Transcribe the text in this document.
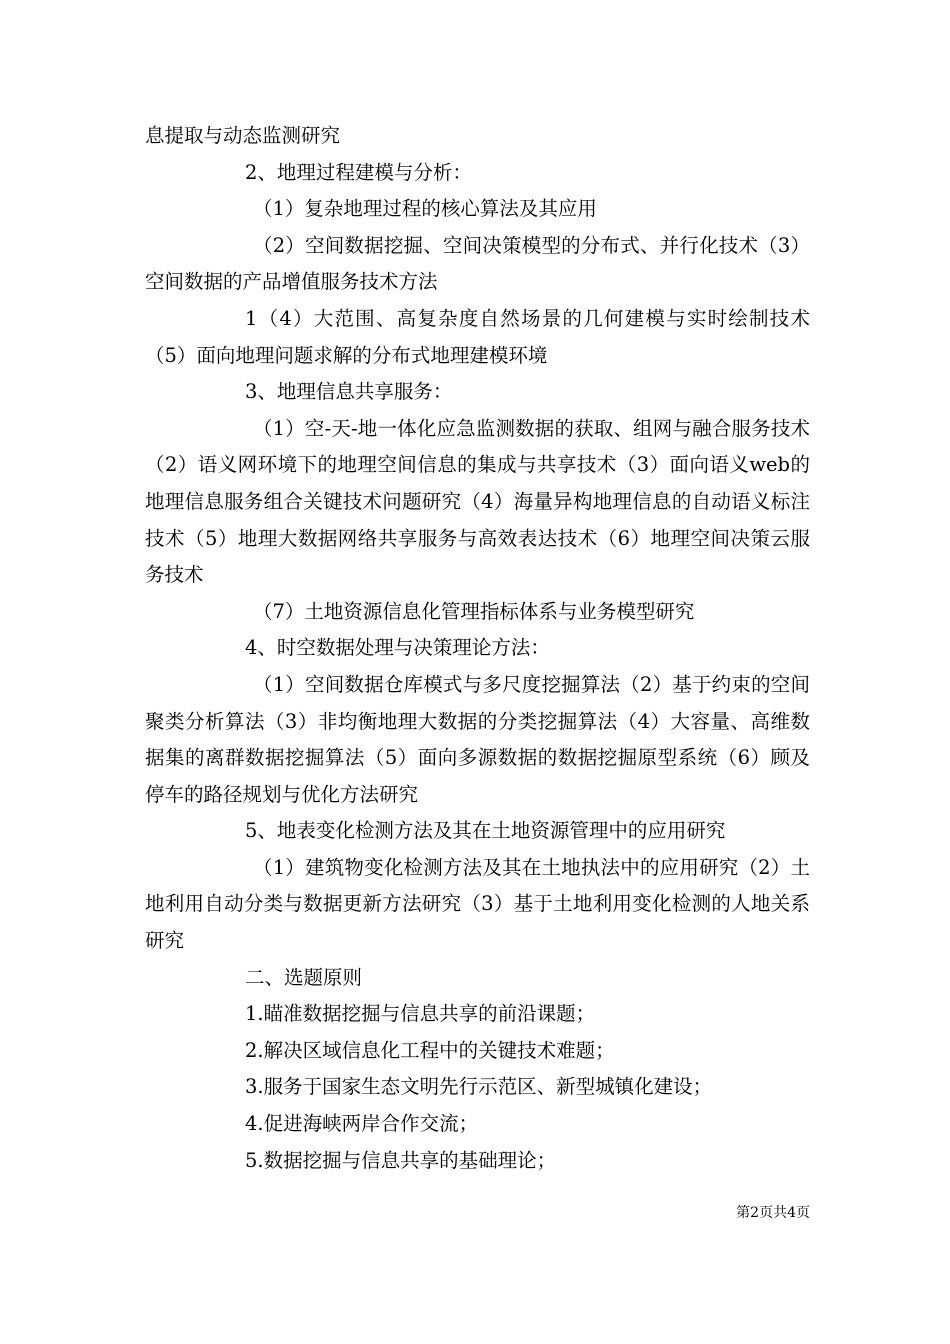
息提取与动态监测研究

2、地理过程建模与分析：

（1）复杂地理过程的核心算法及其应用

（2）空间数据挖掘、空间决策模型的分布式、并行化技术（3）空间数据的产品增值服务技术方法

1（4）大范围、高复杂度自然场景的几何建模与实时绘制技术（5）面向地理问题求解的分布式地理建模环境

3、地理信息共享服务：

（1）空-天-地一体化应急监测数据的获取、组网与融合服务技术（2）语义网环境下的地理空间信息的集成与共享技术（3）面向语义web的地理信息服务组合关键技术问题研究（4）海量异构地理信息的自动语义标注技术（5）地理大数据网络共享服务与高效表达技术（6）地理空间决策云服务技术

（7）土地资源信息化管理指标体系与业务模型研究

4、时空数据处理与决策理论方法：

（1）空间数据仓库模式与多尺度挖掘算法（2）基于约束的空间聚类分析算法（3）非均衡地理大数据的分类挖掘算法（4）大容量、高维数据集的离群数据挖掘算法（5）面向多源数据的数据挖掘原型系统（6）顾及停车的路径规划与优化方法研究

5、地表变化检测方法及其在土地资源管理中的应用研究

（1）建筑物变化检测方法及其在土地执法中的应用研究（2）土地利用自动分类与数据更新方法研究（3）基于土地利用变化检测的人地关系研究

二、选题原则

1.瞄准数据挖掘与信息共享的前沿课题；

2.解决区域信息化工程中的关键技术难题；

3.服务于国家生态文明先行示范区、新型城镇化建设；

4.促进海峡两岸合作交流；

5.数据挖掘与信息共享的基础理论；

第2页共4页
